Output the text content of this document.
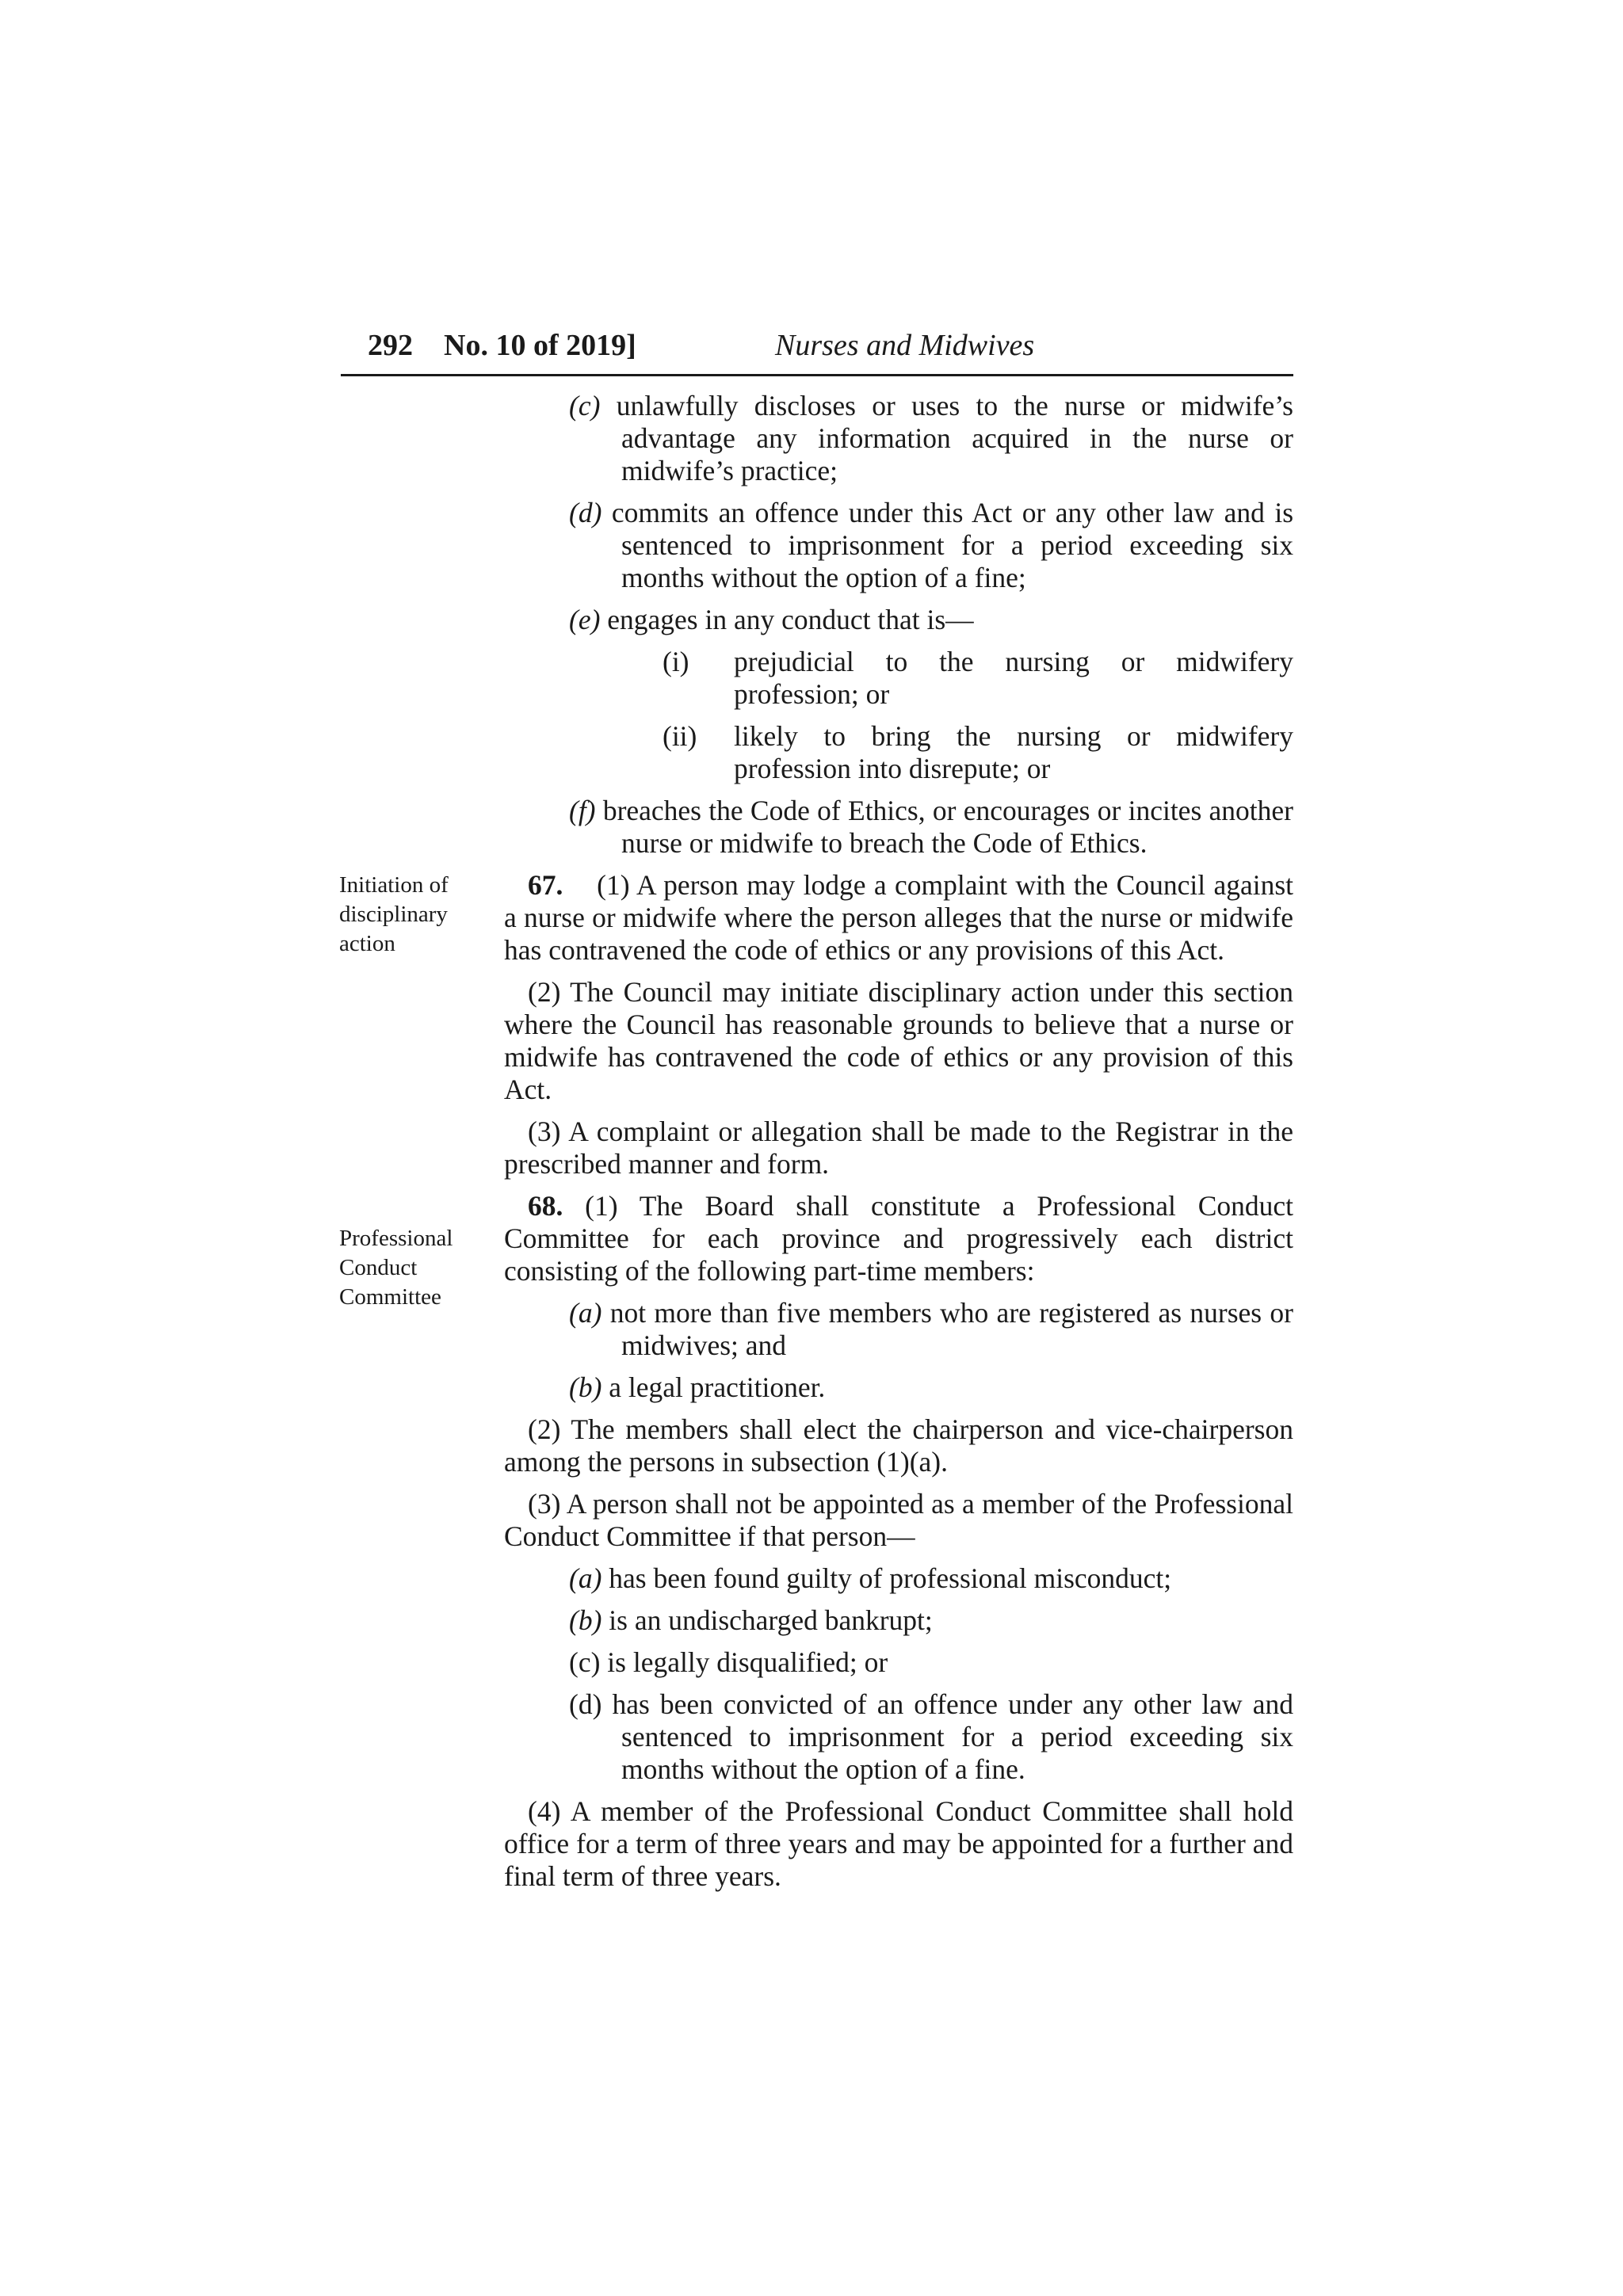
292 No. 10 of 2019]	Nurses and Midwives
Initiation of disciplinary action
Professional Conduct Committee

(c) unlawfully discloses or uses to the nurse or midwife’s advantage any information acquired in the nurse or midwife’s practice;

(d) commits an offence under this Act or any other law and is sentenced to imprisonment for a period exceeding six months without the option of a fine;

(e) engages in any conduct that is—

(i) prejudicial to the nursing or midwifery profession; or

(ii) likely to bring the nursing or midwifery profession into disrepute; or

(f) breaches the Code of Ethics, or encourages or incites another nurse or midwife to breach the Code of Ethics.

67. (1) A person may lodge a complaint with the Council against a nurse or midwife where the person alleges that the nurse or midwife has contravened the code of ethics or any provisions of this Act.

(2) The Council may initiate disciplinary action under this section where the Council has reasonable grounds to believe that a nurse or midwife has contravened the code of ethics or any provision of this Act.

(3) A complaint or allegation shall be made to the Registrar in the prescribed manner and form.

68. (1) The Board shall constitute a Professional Conduct Committee for each province and progressively each district consisting of the following part-time members:

(a) not more than five members who are registered as nurses or midwives; and

(b) a legal practitioner.

(2) The members shall elect the chairperson and vice-chairperson among the persons in subsection (1)(a).

(3) A person shall not be appointed as a member of the Professional Conduct Committee if that person—

(a) has been found guilty of professional misconduct;

(b) is an undischarged bankrupt;

(c) is legally disqualified; or

(d) has been convicted of an offence under any other law and sentenced to imprisonment for a period exceeding six months without the option of a fine.

(4) A member of the Professional Conduct Committee shall hold office for a term of three years and may be appointed for a further and final term of three years.
